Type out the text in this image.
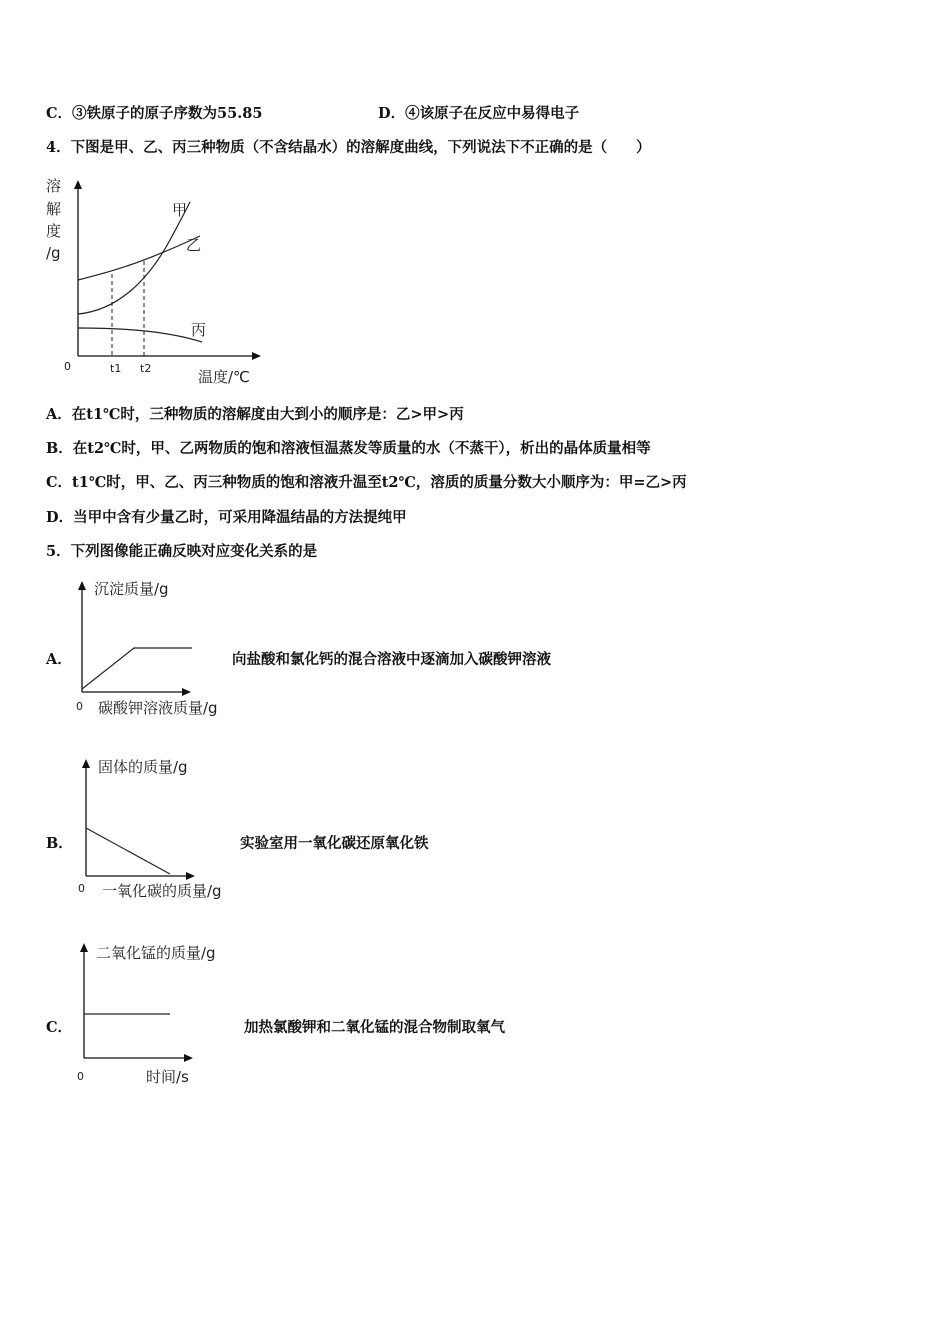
C．③铁原子的原子序数为55.85	D．④该原子在反应中易得电子
4．下图是甲、乙、丙三种物质（不含结晶水）的溶解度曲线，下列说法下不正确的是（　　）
溶
解
度
/g
甲
乙
丙
0	t1 t2	温度/℃
A．在t1℃时，三种物质的溶解度由大到小的顺序是：乙>甲>丙
B．在t2℃时，甲、乙两物质的饱和溶液恒温蒸发等质量的水（不蒸干），析出的晶体质量相等
C．t1℃时，甲、乙、丙三种物质的饱和溶液升温至t2℃，溶质的质量分数大小顺序为：甲=乙>丙
D．当甲中含有少量乙时，可采用降温结晶的方法提纯甲
5．下列图像能正确反映对应变化关系的是
A．
沉淀质量/g
0 碳酸钾溶液质量/g
向盐酸和氯化钙的混合溶液中逐滴加入碳酸钾溶液
B．
固体的质量/g
0 一氧化碳的质量/g
实验室用一氧化碳还原氧化铁
C．
二氧化锰的质量/g
0	时间/s
加热氯酸钾和二氧化锰的混合物制取氧气
